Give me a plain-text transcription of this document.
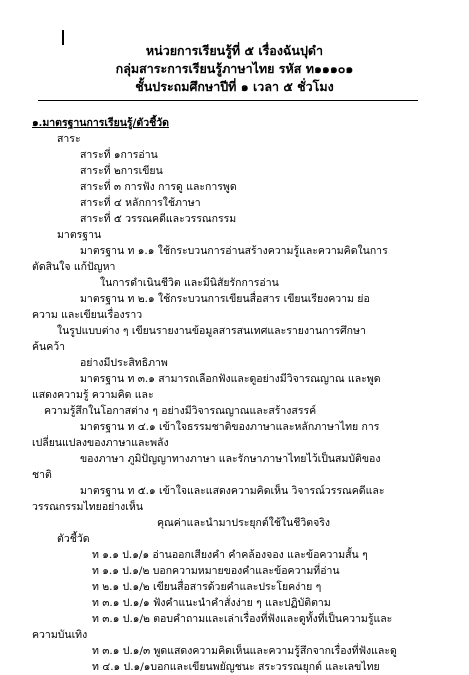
หน่วยการเรียนรู้ที่ ๕ เรื่องฉันปุดำ
กลุ่มสาระการเรียนรู้ภาษาไทย รหัส ท๑๑๑๐๑
ชั้นประถมศึกษาปีที่ ๑ เวลา ๕ ชั่วโมง
๑.มาตรฐานการเรียนรู้/ตัวชี้วัด
สาระ
สาระที่ ๑การอ่าน
สาระที่ ๒การเขียน
สาระที่ ๓ การฟัง การดู และการพูด
สาระที่ ๔ หลักการใช้ภาษา
สาระที่ ๕ วรรณคดีและวรรณกรรม
มาตรฐาน
มาตรฐาน ท ๑.๑ ใช้กระบวนการอ่านสร้างความรู้และความคิดในการ
ตัดสินใจ แก้ปัญหา
ในการดำเนินชีวิต และมีนิสัยรักการอ่าน
มาตรฐาน ท ๒.๑ ใช้กระบวนการเขียนสื่อสาร เขียนเรียงความ ย่อ
ความ และเขียนเรื่องราว
ในรูปแบบต่าง ๆ เขียนรายงานข้อมูลสารสนเทศและรายงานการศึกษา
ค้นคว้า
อย่างมีประสิทธิภาพ
มาตรฐาน ท ๓.๑ สามารถเลือกฟังและดูอย่างมีวิจารณญาณ และพูด
แสดงความรู้ ความคิด และ
ความรู้สึกในโอกาสต่าง ๆ อย่างมีวิจารณญาณและสร้างสรรค์
มาตรฐาน ท ๔.๑ เข้าใจธรรมชาติของภาษาและหลักภาษาไทย การ
เปลี่ยนแปลงของภาษาและพลัง
ของภาษา ภูมิปัญญาทางภาษา และรักษาภาษาไทยไว้เป็นสมบัติของ
ชาติ
มาตรฐาน ท ๕.๑ เข้าใจและแสดงความคิดเห็น วิจารณ์วรรณคดีและ
วรรณกรรมไทยอย่างเห็น
คุณค่าและนำมาประยุกต์ใช้ในชีวิตจริง
ตัวชี้วัด
ท ๑.๑ ป.๑/๑ อ่านออกเสียงคำ คำคล้องจอง และข้อความสั้น ๆ
ท ๑.๑ ป.๑/๒ บอกความหมายของคำและข้อความที่อ่าน
ท ๒.๑ ป.๑/๒ เขียนสื่อสารด้วยคำและประโยคง่าย ๆ
ท ๓.๑ ป.๑/๑ ฟังคำแนะนำคำสั่งง่าย ๆ และปฏิบัติตาม
ท ๓.๑ ป.๑/๒ ตอบคำถามและเล่าเรื่องที่ฟังและดูทั้งที่เป็นความรู้และ
ความบันเทิง
ท ๓.๑ ป.๑/๓ พูดแสดงความคิดเห็นและความรู้สึกจากเรื่องที่ฟังและดู
ท ๔.๑ ป.๑/๑บอกและเขียนพยัญชนะ สระวรรณยุกต์ และเลขไทย
